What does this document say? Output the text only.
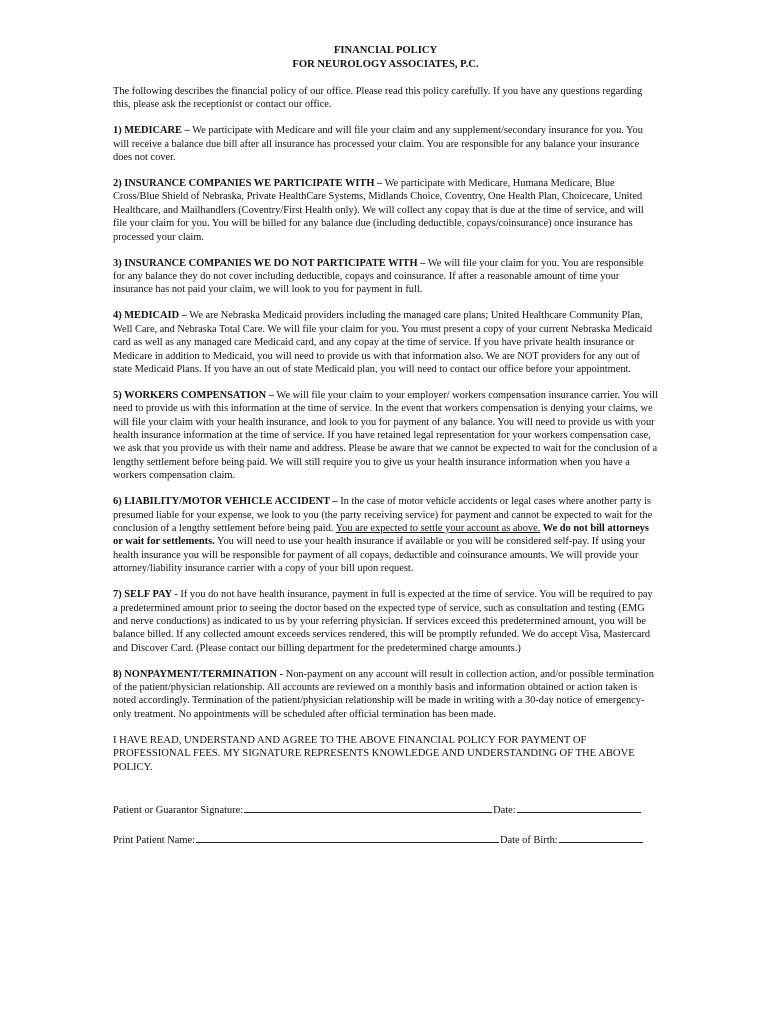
FINANCIAL POLICY
FOR NEUROLOGY ASSOCIATES, P.C.

The following describes the financial policy of our office. Please read this policy carefully. If you have any questions regarding this, please ask the receptionist or contact our office.

1) MEDICARE – We participate with Medicare and will file your claim and any supplement/secondary insurance for you. You will receive a balance due bill after all insurance has processed your claim. You are responsible for any balance your insurance does not cover.

2) INSURANCE COMPANIES WE PARTICIPATE WITH – We participate with Medicare, Humana Medicare, Blue Cross/Blue Shield of Nebraska, Private HealthCare Systems, Midlands Choice, Coventry, One Health Plan, Choicecare, United Healthcare, and Mailhandlers (Coventry/First Health only). We will collect any copay that is due at the time of service, and will file your claim for you. You will be billed for any balance due (including deductible, copays/coinsurance) once insurance has processed your claim.

3) INSURANCE COMPANIES WE DO NOT PARTICIPATE WITH – We will file your claim for you. You are responsible for any balance they do not cover including deductible, copays and coinsurance. If after a reasonable amount of time your insurance has not paid your claim, we will look to you for payment in full.

4) MEDICAID – We are Nebraska Medicaid providers including the managed care plans; United Healthcare Community Plan, Well Care, and Nebraska Total Care. We will file your claim for you. You must present a copy of your current Nebraska Medicaid card as well as any managed care Medicaid card, and any copay at the time of service. If you have private health insurance or Medicare in addition to Medicaid, you will need to provide us with that information also. We are NOT providers for any out of state Medicaid Plans. If you have an out of state Medicaid plan, you will need to contact our office before your appointment.

5) WORKERS COMPENSATION – We will file your claim to your employer/ workers compensation insurance carrier. You will need to provide us with this information at the time of service. In the event that workers compensation is denying your claims, we will file your claim with your health insurance, and look to you for payment of any balance. You will need to provide us with your health insurance information at the time of service. If you have retained legal representation for your workers compensation case, we ask that you provide us with their name and address. Please be aware that we cannot be expected to wait for the conclusion of a lengthy settlement before being paid. We will still require you to give us your health insurance information when you have a workers compensation claim.

6) LIABILITY/MOTOR VEHICLE ACCIDENT – In the case of motor vehicle accidents or legal cases where another party is presumed liable for your expense, we look to you (the party receiving service) for payment and cannot be expected to wait for the conclusion of a lengthy settlement before being paid. You are expected to settle your account as above. We do not bill attorneys or wait for settlements. You will need to use your health insurance if available or you will be considered self-pay. If using your health insurance you will be responsible for payment of all copays, deductible and coinsurance amounts. We will provide your attorney/liability insurance carrier with a copy of your bill upon request.

7) SELF PAY - If you do not have health insurance, payment in full is expected at the time of service. You will be required to pay a predetermined amount prior to seeing the doctor based on the expected type of service, such as consultation and testing (EMG and nerve conductions) as indicated to us by your referring physician. If services exceed this predetermined amount, you will be balance billed. If any collected amount exceeds services rendered, this will be promptly refunded. We do accept Visa, Mastercard and Discover Card. (Please contact our billing department for the predetermined charge amounts.)

8) NONPAYMENT/TERMINATION - Non-payment on any account will result in collection action, and/or possible termination of the patient/physician relationship. All accounts are reviewed on a monthly basis and information obtained or action taken is noted accordingly. Termination of the patient/physician relationship will be made in writing with a 30-day notice of emergency-only treatment. No appointments will be scheduled after official termination has been made.

I HAVE READ, UNDERSTAND AND AGREE TO THE ABOVE FINANCIAL POLICY FOR PAYMENT OF PROFESSIONAL FEES. MY SIGNATURE REPRESENTS KNOWLEDGE AND UNDERSTANDING OF THE ABOVE POLICY.

Patient or Guarantor Signature:	Date:
Print Patient Name:	Date of Birth:
